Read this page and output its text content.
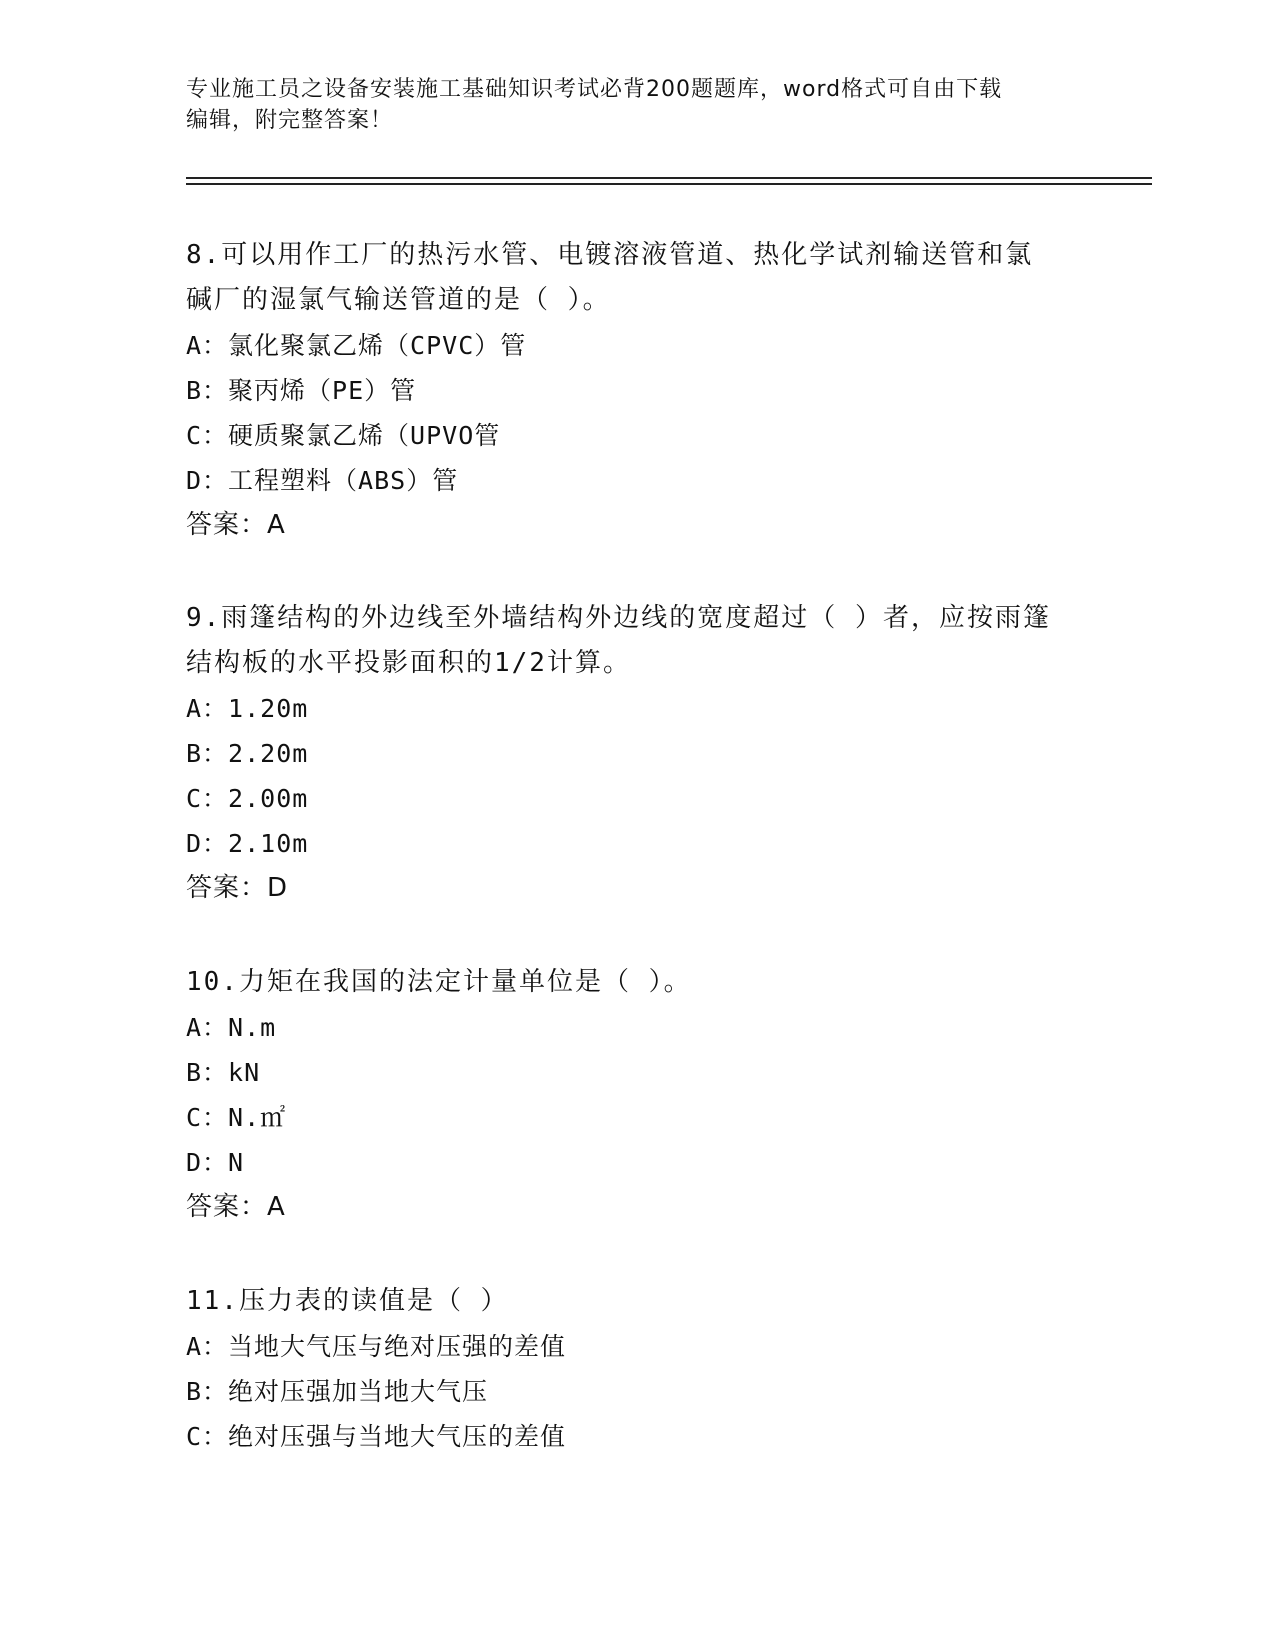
专业施工员之设备安装施工基础知识考试必背200题题库，word格式可自由下载
编辑，附完整答案！
8.可以用作工厂的热污水管、电镀溶液管道、热化学试剂输送管和氯
碱厂的湿氯气输送管道的是（ ）。
A：氯化聚氯乙烯（CPVC）管
B：聚丙烯（PE）管
C：硬质聚氯乙烯（UPVO管
D：工程塑料（ABS）管
答案：A
9.雨篷结构的外边线至外墙结构外边线的宽度超过（ ）者，应按雨篷
结构板的水平投影面积的1/2计算。
A：1.20m
B：2.20m
C：2.00m
D：2.10m
答案：D
10.力矩在我国的法定计量单位是（ ）。
A：N.m
B：kN
C：N.㎡
D：N
答案：A
11.压力表的读值是（ ）
A：当地大气压与绝对压强的差值
B：绝对压强加当地大气压
C：绝对压强与当地大气压的差值
